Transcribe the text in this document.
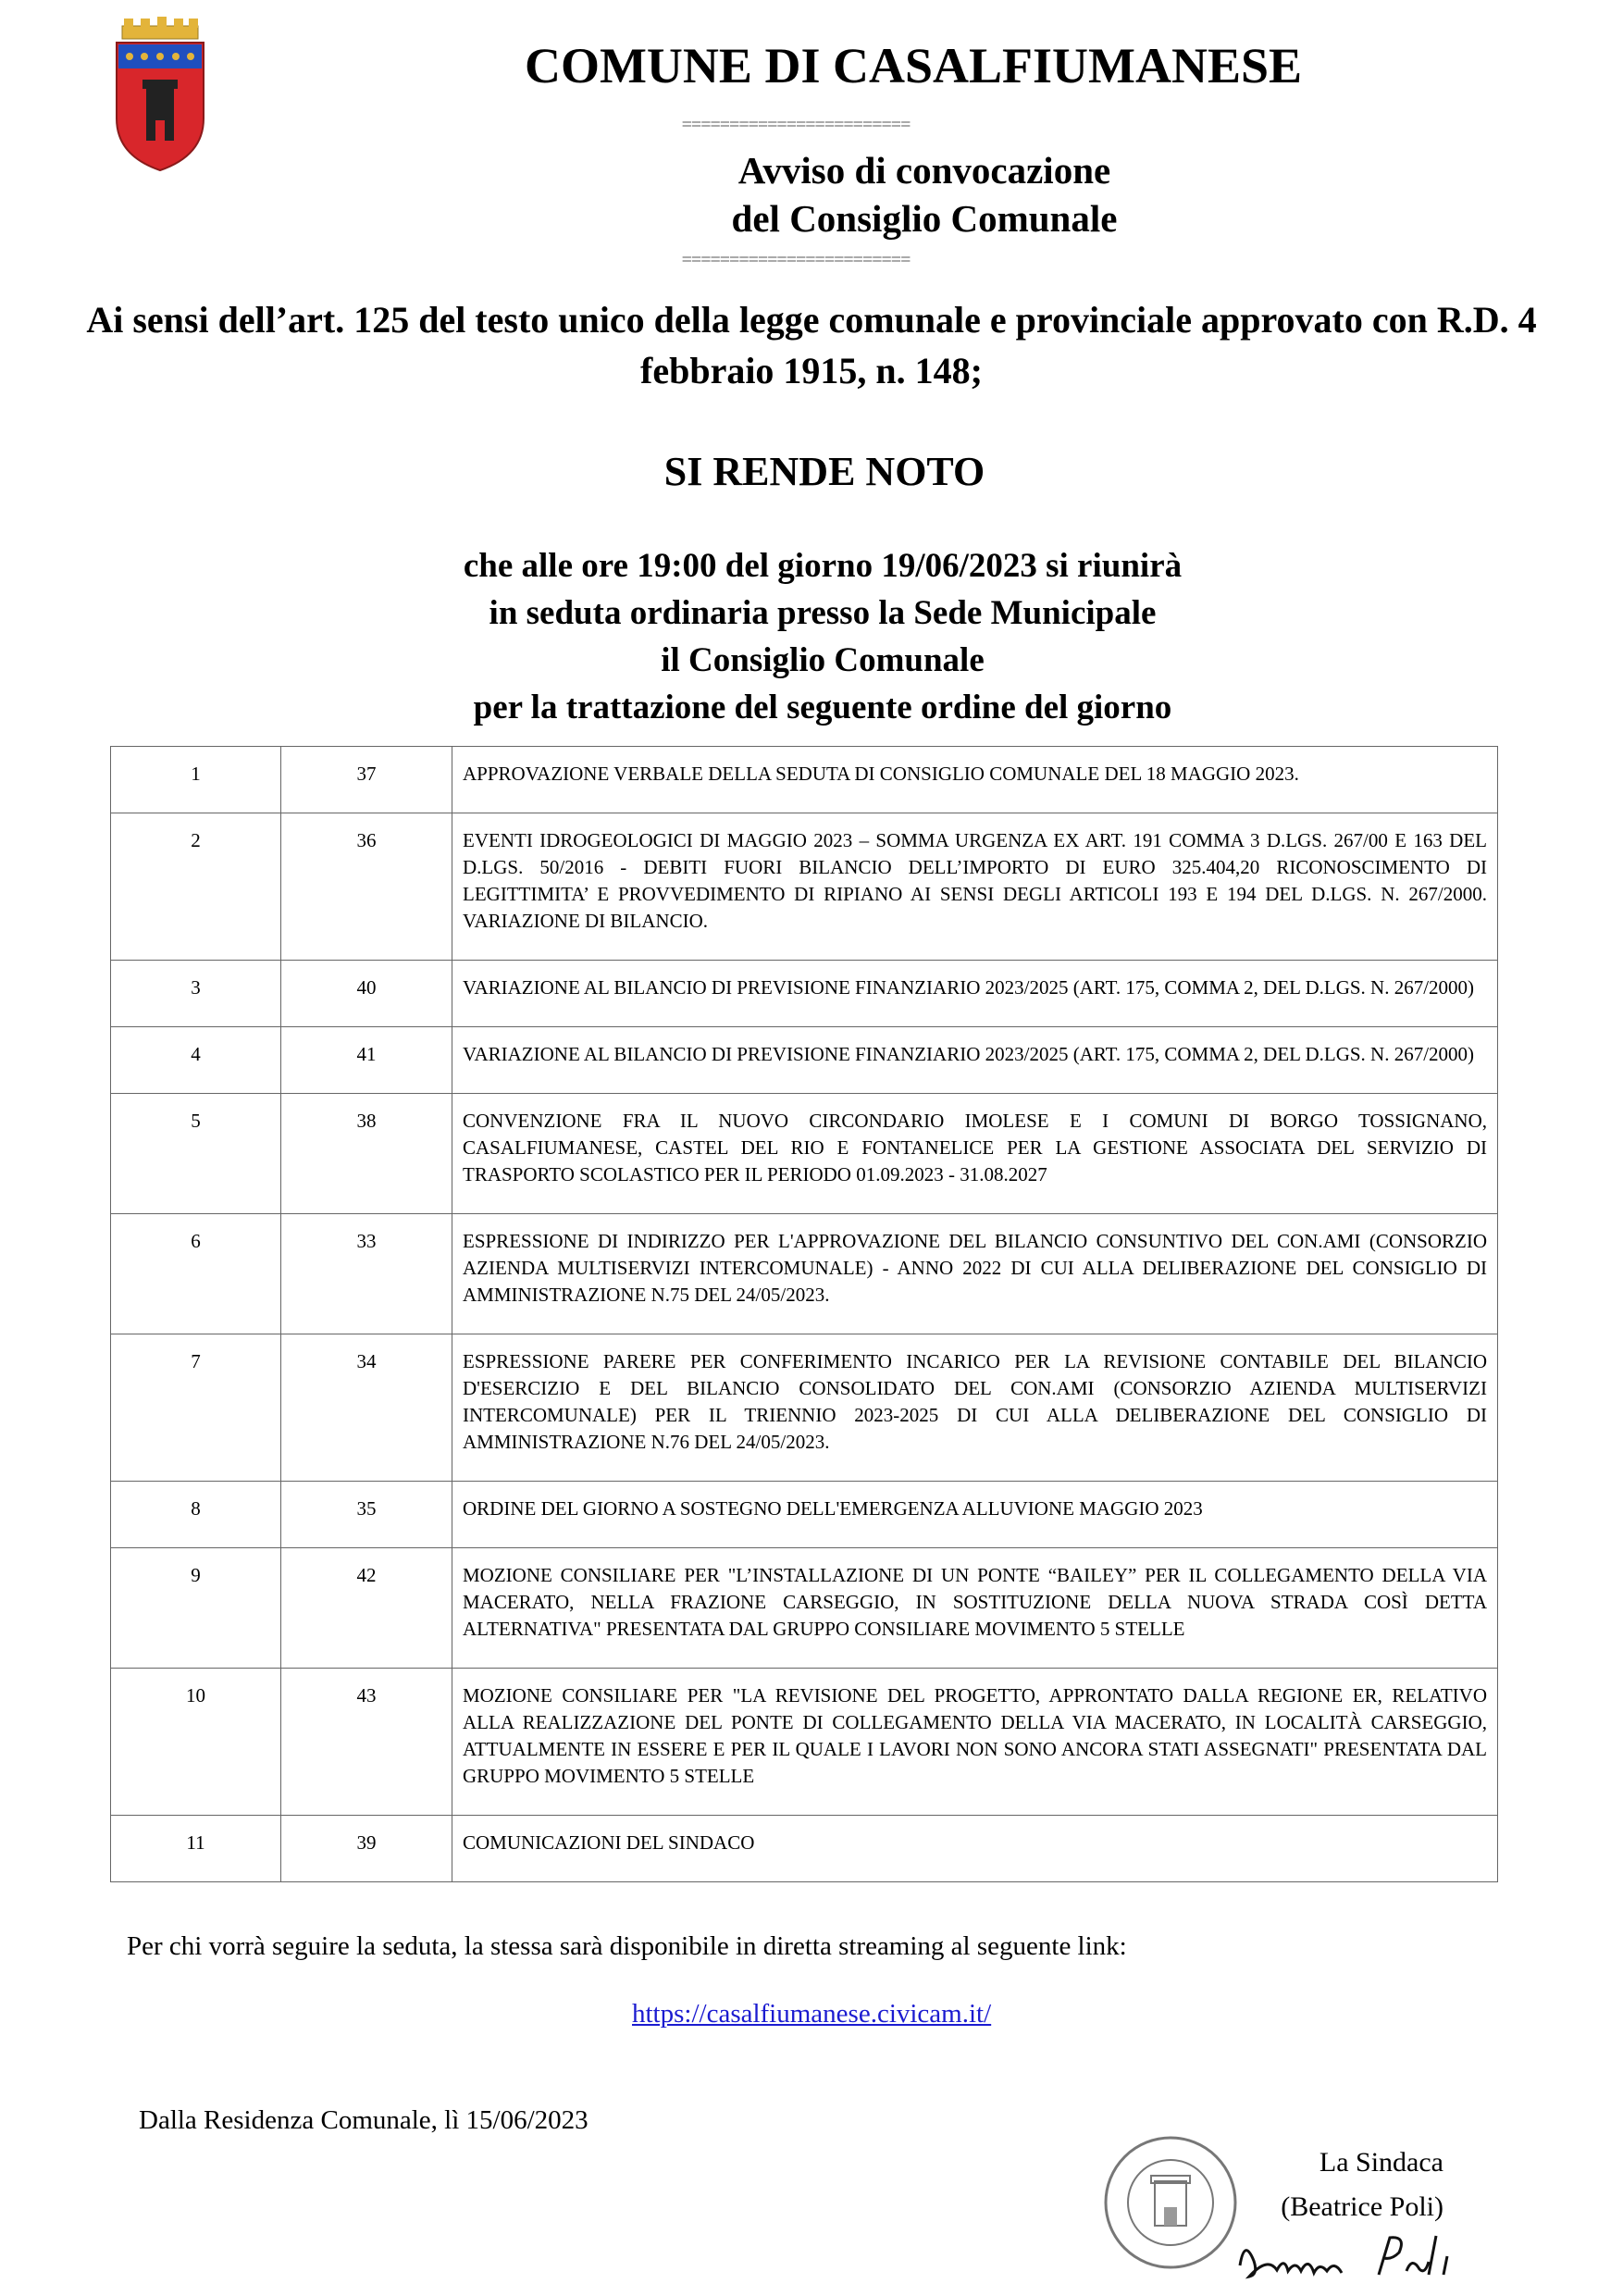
COMUNE DI CASALFIUMANESE
========================
Avviso di convocazione
del Consiglio Comunale
========================
Ai sensi dell’art. 125 del testo unico della legge comunale e provinciale approvato con R.D. 4 febbraio 1915, n. 148;
SI RENDE NOTO
che alle ore 19:00 del giorno 19/06/2023 si riunirà
in seduta ordinaria presso la Sede Municipale
il Consiglio Comunale
per la trattazione del seguente ordine del giorno
1	37	APPROVAZIONE VERBALE DELLA SEDUTA DI CONSIGLIO COMUNALE DEL 18 MAGGIO 2023.
2	36	EVENTI IDROGEOLOGICI DI MAGGIO 2023 – SOMMA URGENZA EX ART. 191 COMMA 3 D.LGS. 267/00 E 163 DEL D.LGS. 50/2016 - DEBITI FUORI BILANCIO DELL’IMPORTO DI EURO 325.404,20 RICONOSCIMENTO DI LEGITTIMITA’ E PROVVEDIMENTO DI RIPIANO AI SENSI DEGLI ARTICOLI 193 E 194 DEL D.LGS. N. 267/2000. VARIAZIONE DI BILANCIO.
3	40	VARIAZIONE AL BILANCIO DI PREVISIONE FINANZIARIO 2023/2025 (ART. 175, COMMA 2, DEL D.LGS. N. 267/2000)
4	41	VARIAZIONE AL BILANCIO DI PREVISIONE FINANZIARIO 2023/2025 (ART. 175, COMMA 2, DEL D.LGS. N. 267/2000)
5	38	CONVENZIONE FRA IL NUOVO CIRCONDARIO IMOLESE E I COMUNI DI BORGO TOSSIGNANO, CASALFIUMANESE, CASTEL DEL RIO E FONTANELICE PER LA GESTIONE ASSOCIATA DEL SERVIZIO DI TRASPORTO SCOLASTICO PER IL PERIODO 01.09.2023 - 31.08.2027
6	33	ESPRESSIONE DI INDIRIZZO PER L'APPROVAZIONE DEL BILANCIO CONSUNTIVO DEL CON.AMI (CONSORZIO AZIENDA MULTISERVIZI INTERCOMUNALE) - ANNO 2022 DI CUI ALLA DELIBERAZIONE DEL CONSIGLIO DI AMMINISTRAZIONE N.75 DEL 24/05/2023.
7	34	ESPRESSIONE PARERE PER CONFERIMENTO INCARICO PER LA REVISIONE CONTABILE DEL BILANCIO D'ESERCIZIO E DEL BILANCIO CONSOLIDATO DEL CON.AMI (CONSORZIO AZIENDA MULTISERVIZI INTERCOMUNALE) PER IL TRIENNIO 2023-2025 DI CUI ALLA DELIBERAZIONE DEL CONSIGLIO DI AMMINISTRAZIONE N.76 DEL 24/05/2023.
8	35	ORDINE DEL GIORNO A SOSTEGNO DELL'EMERGENZA ALLUVIONE MAGGIO 2023
9	42	MOZIONE CONSILIARE PER "L’INSTALLAZIONE DI UN PONTE “BAILEY” PER IL COLLEGAMENTO DELLA VIA MACERATO, NELLA FRAZIONE CARSEGGIO, IN SOSTITUZIONE DELLA NUOVA STRADA COSÌ DETTA ALTERNATIVA" PRESENTATA DAL GRUPPO CONSILIARE MOVIMENTO 5 STELLE
10	43	MOZIONE CONSILIARE PER "LA REVISIONE DEL PROGETTO, APPRONTATO DALLA REGIONE ER, RELATIVO ALLA REALIZZAZIONE DEL PONTE DI COLLEGAMENTO DELLA VIA MACERATO, IN LOCALITÀ CARSEGGIO, ATTUALMENTE IN ESSERE E PER IL QUALE I LAVORI NON SONO ANCORA STATI ASSEGNATI" PRESENTATA DAL GRUPPO MOVIMENTO 5 STELLE
11	39	COMUNICAZIONI DEL SINDACO
Per chi vorrà seguire la seduta, la stessa sarà disponibile in diretta streaming al seguente link:
https://casalfiumanese.civicam.it/
Dalla Residenza Comunale, lì 15/06/2023
La Sindaca
(Beatrice Poli)
